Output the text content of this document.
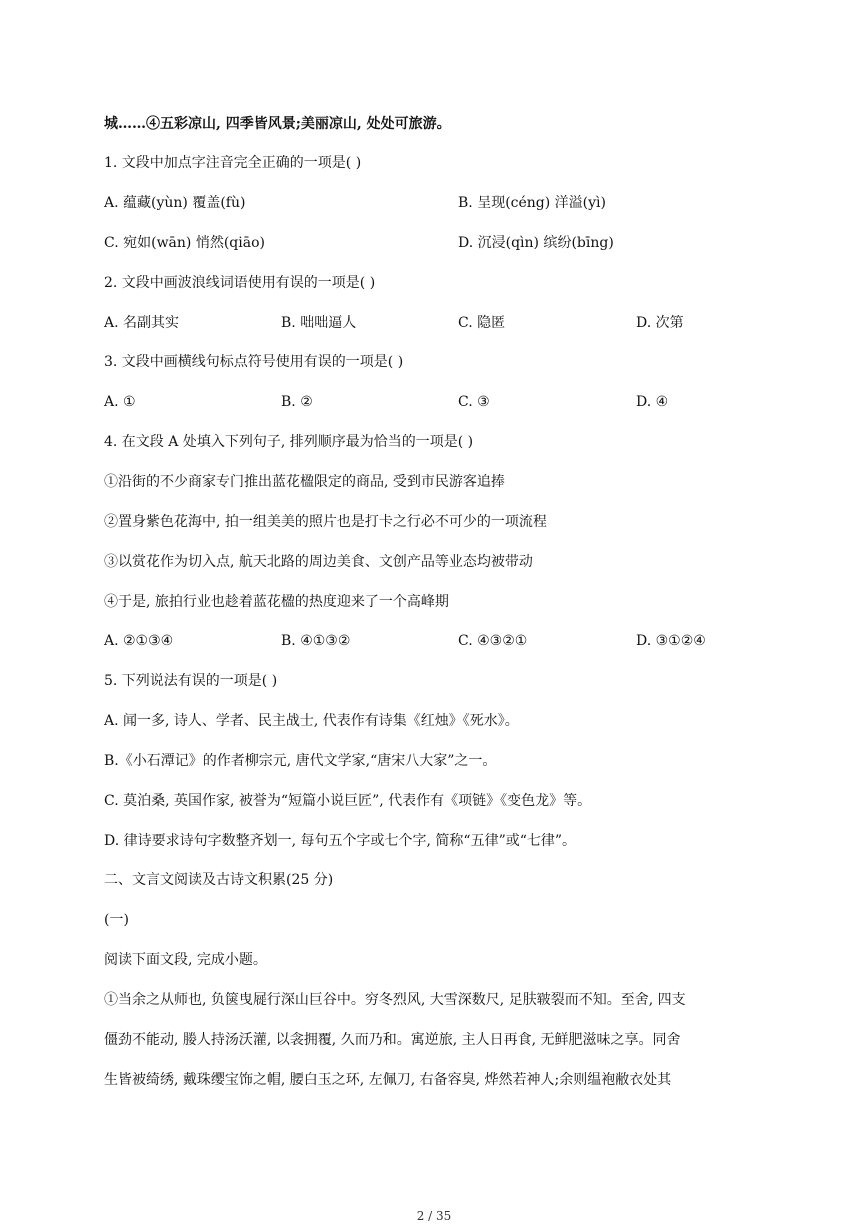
城……④五彩凉山, 四季皆风景;美丽凉山, 处处可旅游。
1. 文段中加点字注音完全正确的一项是( )
A. 蕴藏(yùn) 覆盖(fù)	B. 呈现(céng) 洋溢(yì)
C. 宛如(wān) 悄然(qiāo)	D. 沉浸(qìn) 缤纷(bīng)
2. 文段中画波浪线词语使用有误的一项是( )
A. 名副其实	B. 咄咄逼人	C. 隐匿	D. 次第
3. 文段中画横线句标点符号使用有误的一项是( )
A. ①	B. ②	C. ③	D. ④
4. 在文段 A 处填入下列句子, 排列顺序最为恰当的一项是( )
①沿街的不少商家专门推出蓝花楹限定的商品, 受到市民游客追捧
②置身紫色花海中, 拍一组美美的照片也是打卡之行必不可少的一项流程
③以赏花作为切入点, 航天北路的周边美食、文创产品等业态均被带动
④于是, 旅拍行业也趁着蓝花楹的热度迎来了一个高峰期
A. ②①③④	B. ④①③②	C. ④③②①	D. ③①②④
5. 下列说法有误的一项是( )
A. 闻一多, 诗人、学者、民主战士, 代表作有诗集《红烛》《死水》。
B.《小石潭记》的作者柳宗元, 唐代文学家,“唐宋八大家”之一。
C. 莫泊桑, 英国作家, 被誉为“短篇小说巨匠”, 代表作有《项链》《变色龙》等。
D. 律诗要求诗句字数整齐划一, 每句五个字或七个字, 简称“五律”或“七律”。
二、文言文阅读及古诗文积累(25 分)
(一)
阅读下面文段, 完成小题。
①当余之从师也, 负箧曳屣行深山巨谷中。穷冬烈风, 大雪深数尺, 足肤皲裂而不知。至舍, 四支
僵劲不能动, 媵人持汤沃灌, 以衾拥覆, 久而乃和。寓逆旅, 主人日再食, 无鲜肥滋味之享。同舍
生皆被绮绣, 戴珠缨宝饰之帽, 腰白玉之环, 左佩刀, 右备容臭, 烨然若神人;余则缊袍敝衣处其
2 / 35
